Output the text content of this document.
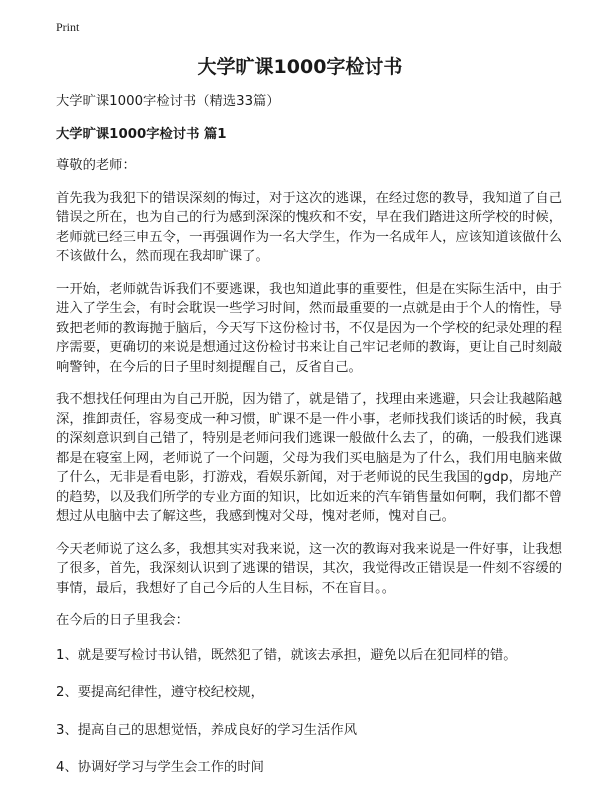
Print
大学旷课1000字检讨书

大学旷课1000字检讨书（精选33篇）

大学旷课1000字检讨书 篇1

尊敬的老师：

首先我为我犯下的错误深刻的悔过，对于这次的逃课，在经过您的教导，我知道了自己错误之所在，也为自己的行为感到深深的愧疚和不安，早在我们踏进这所学校的时候，老师就已经三申五令，一再强调作为一名大学生，作为一名成年人，应该知道该做什么不该做什么，然而现在我却旷课了。

一开始，老师就告诉我们不要逃课，我也知道此事的重要性，但是在实际生活中，由于进入了学生会，有时会耽误一些学习时间，然而最重要的一点就是由于个人的惰性，导致把老师的教诲抛于脑后，今天写下这份检讨书，不仅是因为一个学校的纪录处理的程序需要，更确切的来说是想通过这份检讨书来让自己牢记老师的教诲，更让自己时刻敲响警钟，在今后的日子里时刻提醒自己，反省自己。

我不想找任何理由为自己开脱，因为错了，就是错了，找理由来逃避，只会让我越陷越深，推卸责任，容易变成一种习惯，旷课不是一件小事，老师找我们谈话的时候，我真的深刻意识到自己错了，特别是老师问我们逃课一般做什么去了，的确，一般我们逃课都是在寝室上网，老师说了一个问题，父母为我们买电脑是为了什么，我们用电脑来做了什么，无非是看电影，打游戏，看娱乐新闻，对于老师说的民生我国的gdp，房地产的趋势，以及我们所学的专业方面的知识，比如近来的汽车销售量如何啊，我们都不曾想过从电脑中去了解这些，我感到愧对父母，愧对老师，愧对自己。

今天老师说了这么多，我想其实对我来说，这一次的教诲对我来说是一件好事，让我想了很多，首先，我深刻认识到了逃课的错误，其次，我觉得改正错误是一件刻不容缓的事情，最后，我想好了自己今后的人生目标，不在盲目。。

在今后的日子里我会：

1、就是要写检讨书认错，既然犯了错，就该去承担，避免以后在犯同样的错。

2、要提高纪律性，遵守校纪校规，

3、提高自己的思想觉悟，养成良好的学习生活作风

4、协调好学习与学生会工作的时间
